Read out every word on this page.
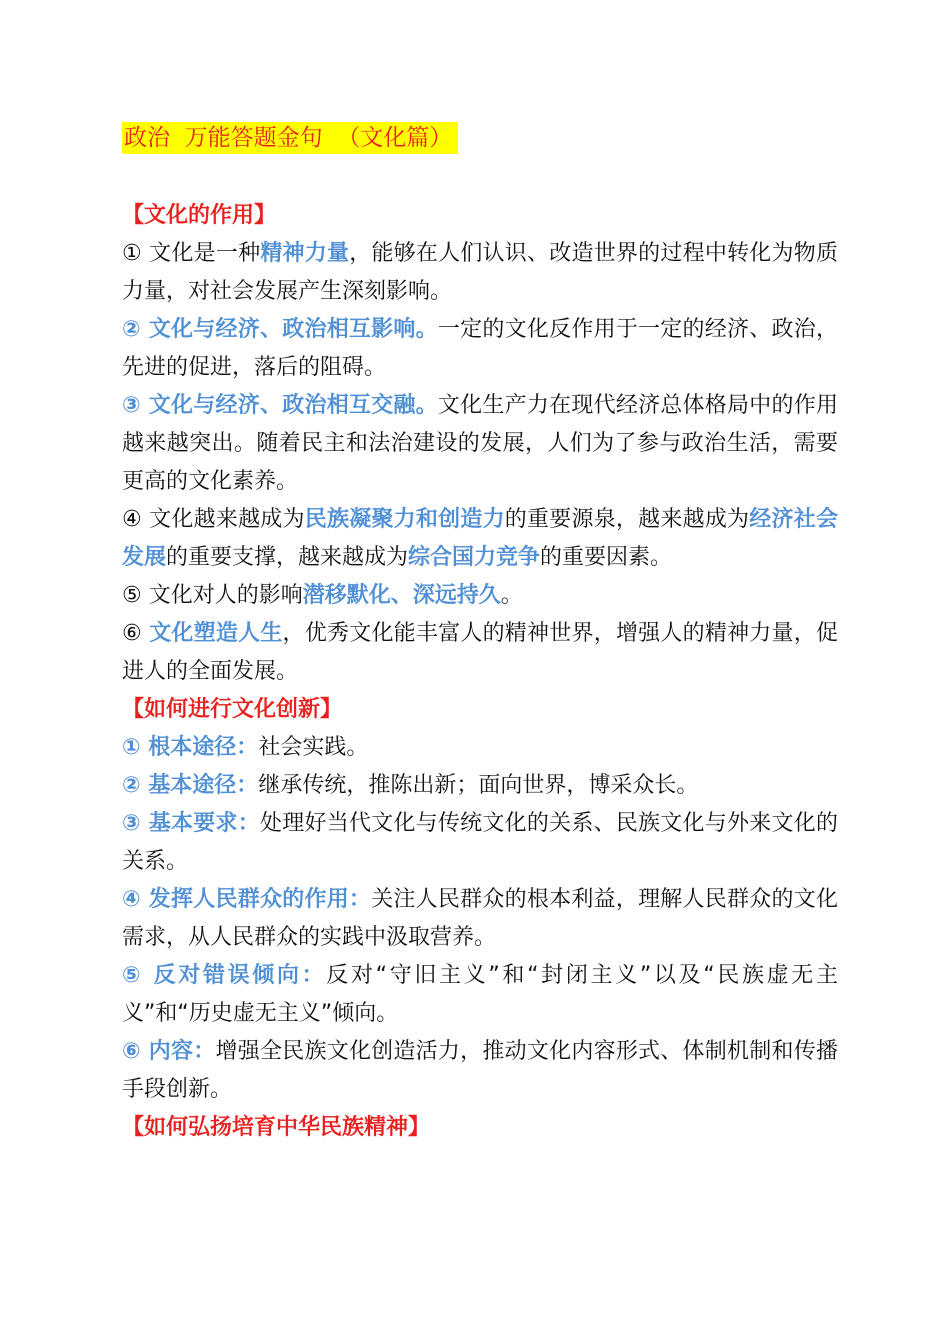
政治  万能答题金句  （文化篇）
【文化的作用】

① 文化是一种精神力量，能够在人们认识、改造世界的过程中转化为物质力量，对社会发展产生深刻影响。

② 文化与经济、政治相互影响。一定的文化反作用于一定的经济、政治，先进的促进，落后的阻碍。

③ 文化与经济、政治相互交融。文化生产力在现代经济总体格局中的作用越来越突出。随着民主和法治建设的发展，人们为了参与政治生活，需要更高的文化素养。

④ 文化越来越成为民族凝聚力和创造力的重要源泉，越来越成为经济社会发展的重要支撑，越来越成为综合国力竞争的重要因素。

⑤ 文化对人的影响潜移默化、深远持久。

⑥ 文化塑造人生，优秀文化能丰富人的精神世界，增强人的精神力量，促进人的全面发展。

【如何进行文化创新】

① 根本途径：社会实践。

② 基本途径：继承传统，推陈出新；面向世界，博采众长。

③ 基本要求：处理好当代文化与传统文化的关系、民族文化与外来文化的关系。

④ 发挥人民群众的作用：关注人民群众的根本利益，理解人民群众的文化需求，从人民群众的实践中汲取营养。

⑤ 反对错误倾向：反对“守旧主义”和“封闭主义”以及“民族虚无主义”和“历史虚无主义”倾向。

⑥ 内容：增强全民族文化创造活力，推动文化内容形式、体制机制和传播手段创新。

【如何弘扬培育中华民族精神】
